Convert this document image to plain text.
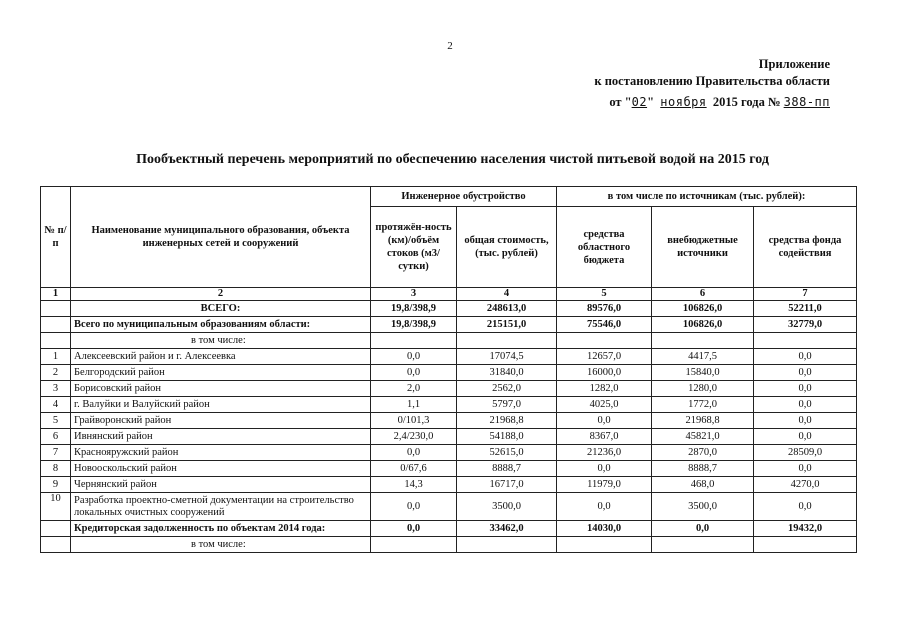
2
Приложение
к постановлению Правительства области
от "02" ноября 2015 года № 388-пп
Пообъектный перечень мероприятий по обеспечению населения чистой питьевой водой на 2015 год
№ п/п	Наименование муниципального образования, объекта инженерных сетей и сооружений	Инженерное обустройство		в том числе по источникам (тыс. рублей):		
		протяжён-ность (км)/объём стоков (м3/сутки)	общая стоимость, (тыс. рублей)	средства областного бюджета	внебюджетные источники	средства фонда содействия
1	2	3	4	5	6	7
	ВСЕГО:	19,8/398,9	248613,0	89576,0	106826,0	52211,0
	Всего по муниципальным образованиям области:	19,8/398,9	215151,0	75546,0	106826,0	32779,0
	в том числе:					
1	Алексеевский район и г. Алексеевка	0,0	17074,5	12657,0	4417,5	0,0
2	Белгородский район	0,0	31840,0	16000,0	15840,0	0,0
3	Борисовский район	2,0	2562,0	1282,0	1280,0	0,0
4	г. Валуйки и Валуйский район	1,1	5797,0	4025,0	1772,0	0,0
5	Грайворонский район	0/101,3	21968,8	0,0	21968,8	0,0
6	Ивнянский район	2,4/230,0	54188,0	8367,0	45821,0	0,0
7	Краснояружский район	0,0	52615,0	21236,0	2870,0	28509,0
8	Новооскольский район	0/67,6	8888,7	0,0	8888,7	0,0
9	Чернянский район	14,3	16717,0	11979,0	468,0	4270,0
10	Разработка проектно-сметной документации на строительство локальных очистных сооружений	0,0	3500,0	0,0	3500,0	0,0
	Кредиторская задолженность по объектам 2014 года:	0,0	33462,0	14030,0	0,0	19432,0
	в том числе:					
